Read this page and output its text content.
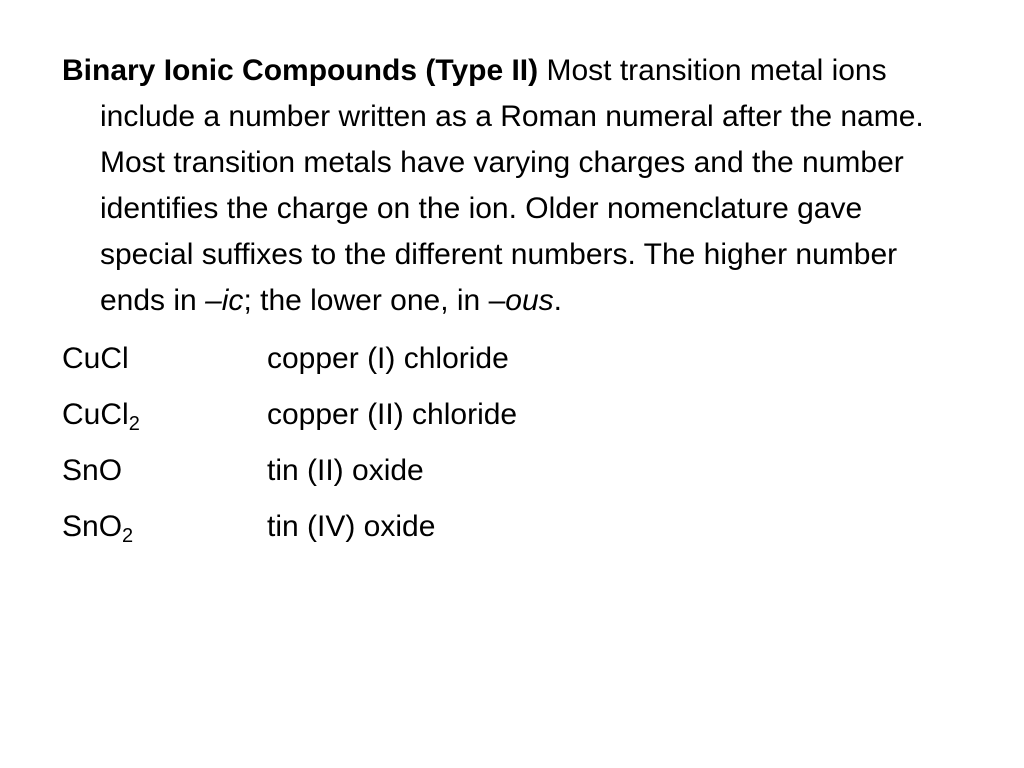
Binary Ionic Compounds (Type II) Most transition metal ions include a number written as a Roman numeral after the name. Most transition metals have varying charges and the number identifies the charge on the ion. Older nomenclature gave special suffixes to the different numbers. The higher number ends in –ic; the lower one, in –ous.

CuCl	copper (I) chloride
CuCl$_2$	copper (II) chloride
SnO	tin (II) oxide
SnO$_2$	tin (IV) oxide
